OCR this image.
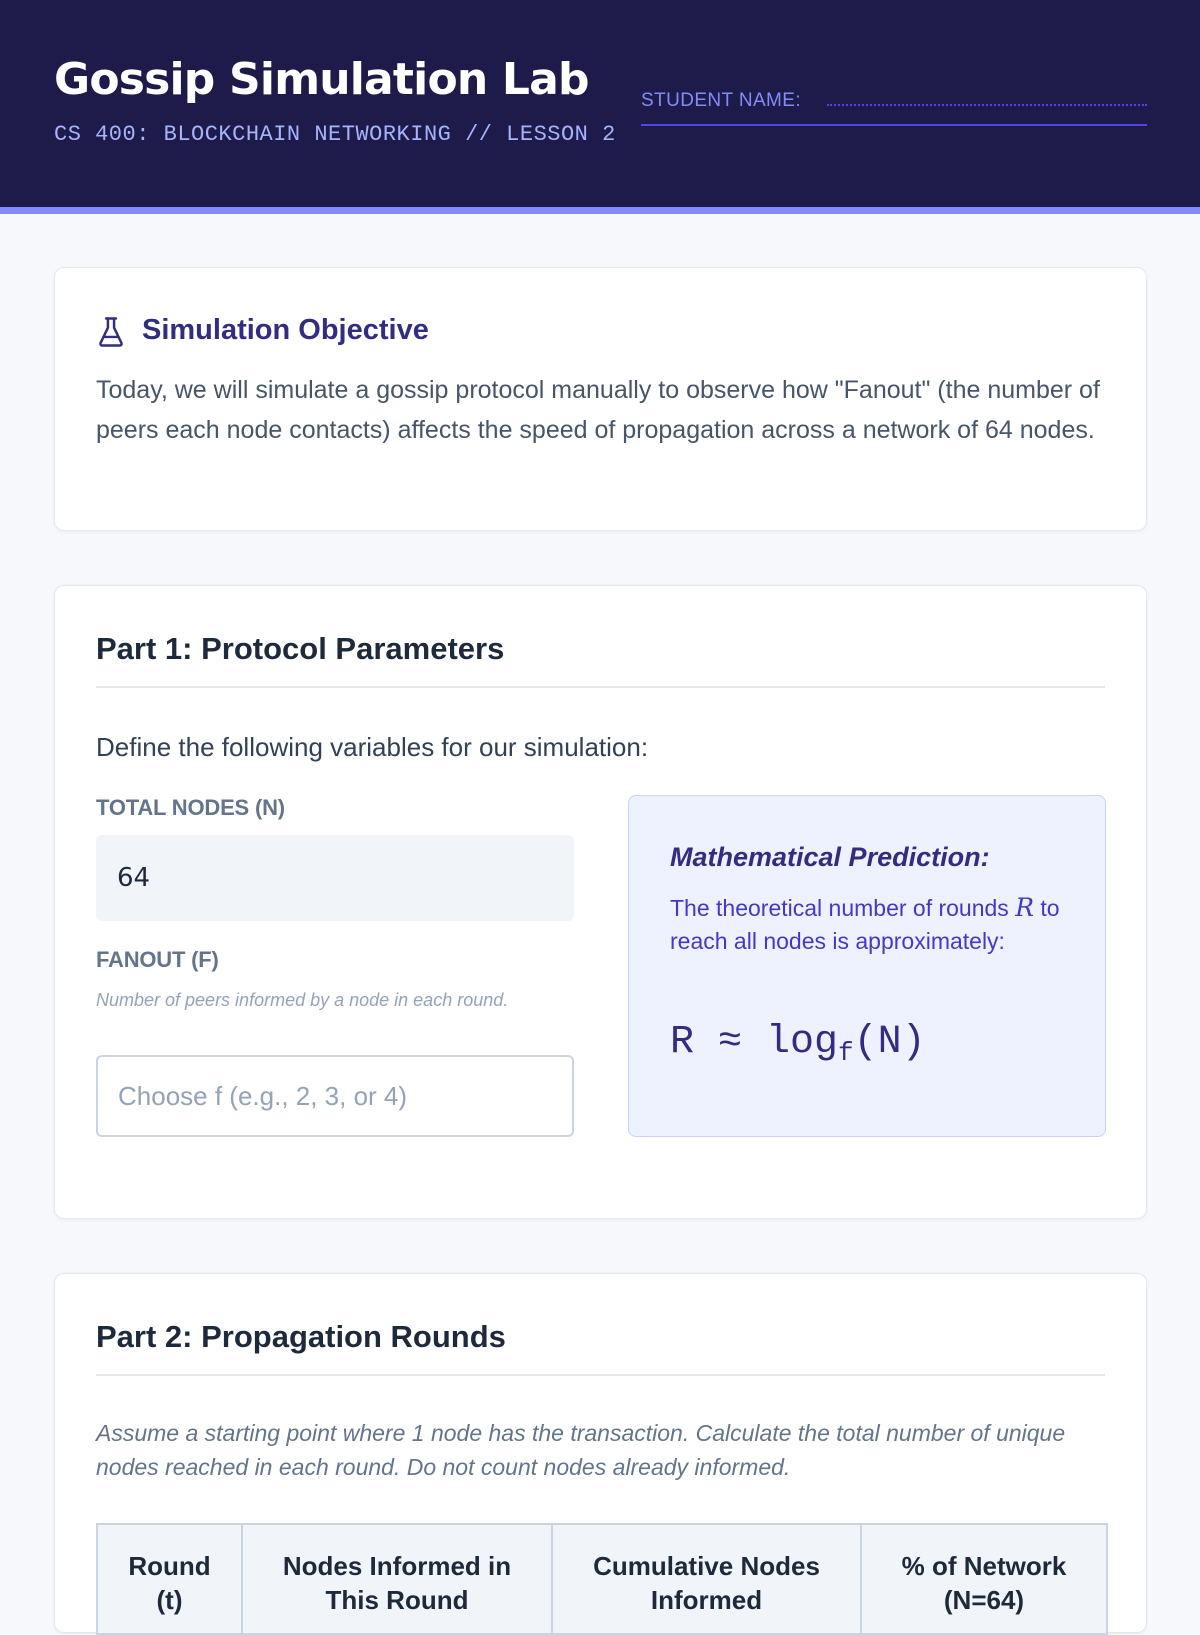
Gossip Simulation Lab
CS 400: BLOCKCHAIN NETWORKING // LESSON 2
STUDENT NAME:
Simulation Objective

Today, we will simulate a gossip protocol manually to observe how "Fanout" (the number of peers each node contacts) affects the speed of propagation across a network of 64 nodes.

Part 1: Protocol Parameters
Define the following variables for our simulation:
TOTAL NODES (N)
64
FANOUT (F)
Number of peers informed by a node in each round.
Choose f (e.g., 2, 3, or 4)
Mathematical Prediction:
The theoretical number of rounds R to reach all nodes is approximately:
$R \approx \log_f(N)$
Part 2: Propagation Rounds
Assume a starting point where 1 node has the transaction. Calculate the total number of unique nodes reached in each round. Do not count nodes already informed.
Round (t)	Nodes Informed in This Round	Cumulative Nodes Informed	% of Network (N=64)
